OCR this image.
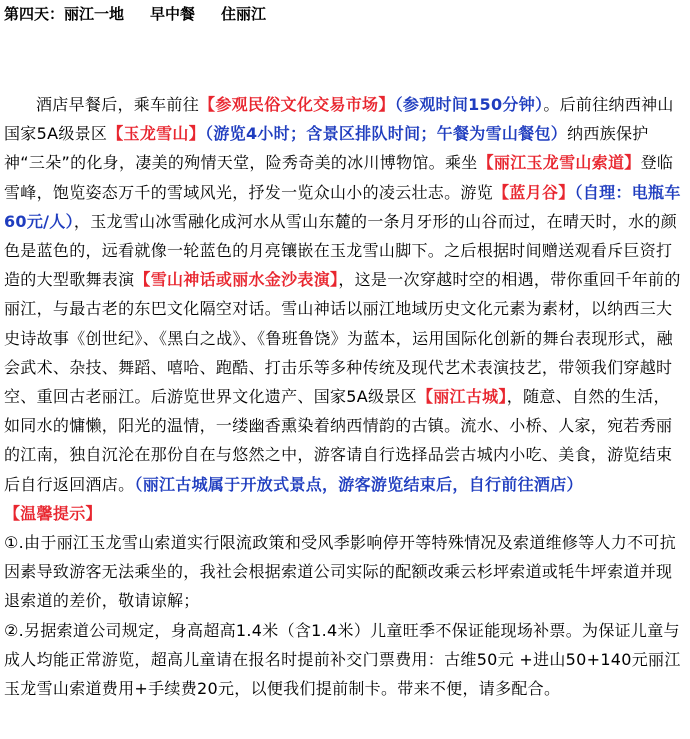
第四天：丽江一地 早中餐 住丽江

酒店早餐后，乘车前往【参观民俗文化交易市场】（参观时间150分钟）。后前往纳西神山国家5A级景区【玉龙雪山】（游览4小时；含景区排队时间；午餐为雪山餐包）纳西族保护神“三朵”的化身，凄美的殉情天堂，险秀奇美的冰川博物馆。乘坐【丽江玉龙雪山索道】登临雪峰，饱览姿态万千的雪域风光，抒发一览众山小的凌云壮志。游览【蓝月谷】（自理：电瓶车60元/人），玉龙雪山冰雪融化成河水从雪山东麓的一条月牙形的山谷而过，在晴天时，水的颜色是蓝色的，远看就像一轮蓝色的月亮镶嵌在玉龙雪山脚下。之后根据时间赠送观看斥巨资打造的大型歌舞表演【雪山神话或丽水金沙表演】，这是一次穿越时空的相遇，带你重回千年前的丽江，与最古老的东巴文化隔空对话。雪山神话以丽江地域历史文化元素为素材，以纳西三大史诗故事《创世纪》、《黑白之战》、《鲁班鲁饶》为蓝本，运用国际化创新的舞台表现形式，融会武术、杂技、舞蹈、嘻哈、跑酷、打击乐等多种传统及现代艺术表演技艺，带领我们穿越时空、重回古老丽江。后游览世界文化遗产、国家5A级景区【丽江古城】，随意、自然的生活，如同水的慵懒，阳光的温情，一缕幽香熏染着纳西情韵的古镇。流水、小桥、人家，宛若秀丽的江南，独自沉沦在那份自在与悠然之中，游客请自行选择品尝古城内小吃、美食，游览结束后自行返回酒店。（丽江古城属于开放式景点，游客游览结束后，自行前往酒店）

【温馨提示】

①.由于丽江玉龙雪山索道实行限流政策和受风季影响停开等特殊情况及索道维修等人力不可抗因素导致游客无法乘坐的，我社会根据索道公司实际的配额改乘云杉坪索道或牦牛坪索道并现退索道的差价，敬请谅解；

②.另据索道公司规定，身高超高1.4米（含1.4米）儿童旺季不保证能现场补票。为保证儿童与成人均能正常游览，超高儿童请在报名时提前补交门票费用：古维50元 +进山50+140元丽江玉龙雪山索道费用+手续费20元，以便我们提前制卡。带来不便，请多配合。
